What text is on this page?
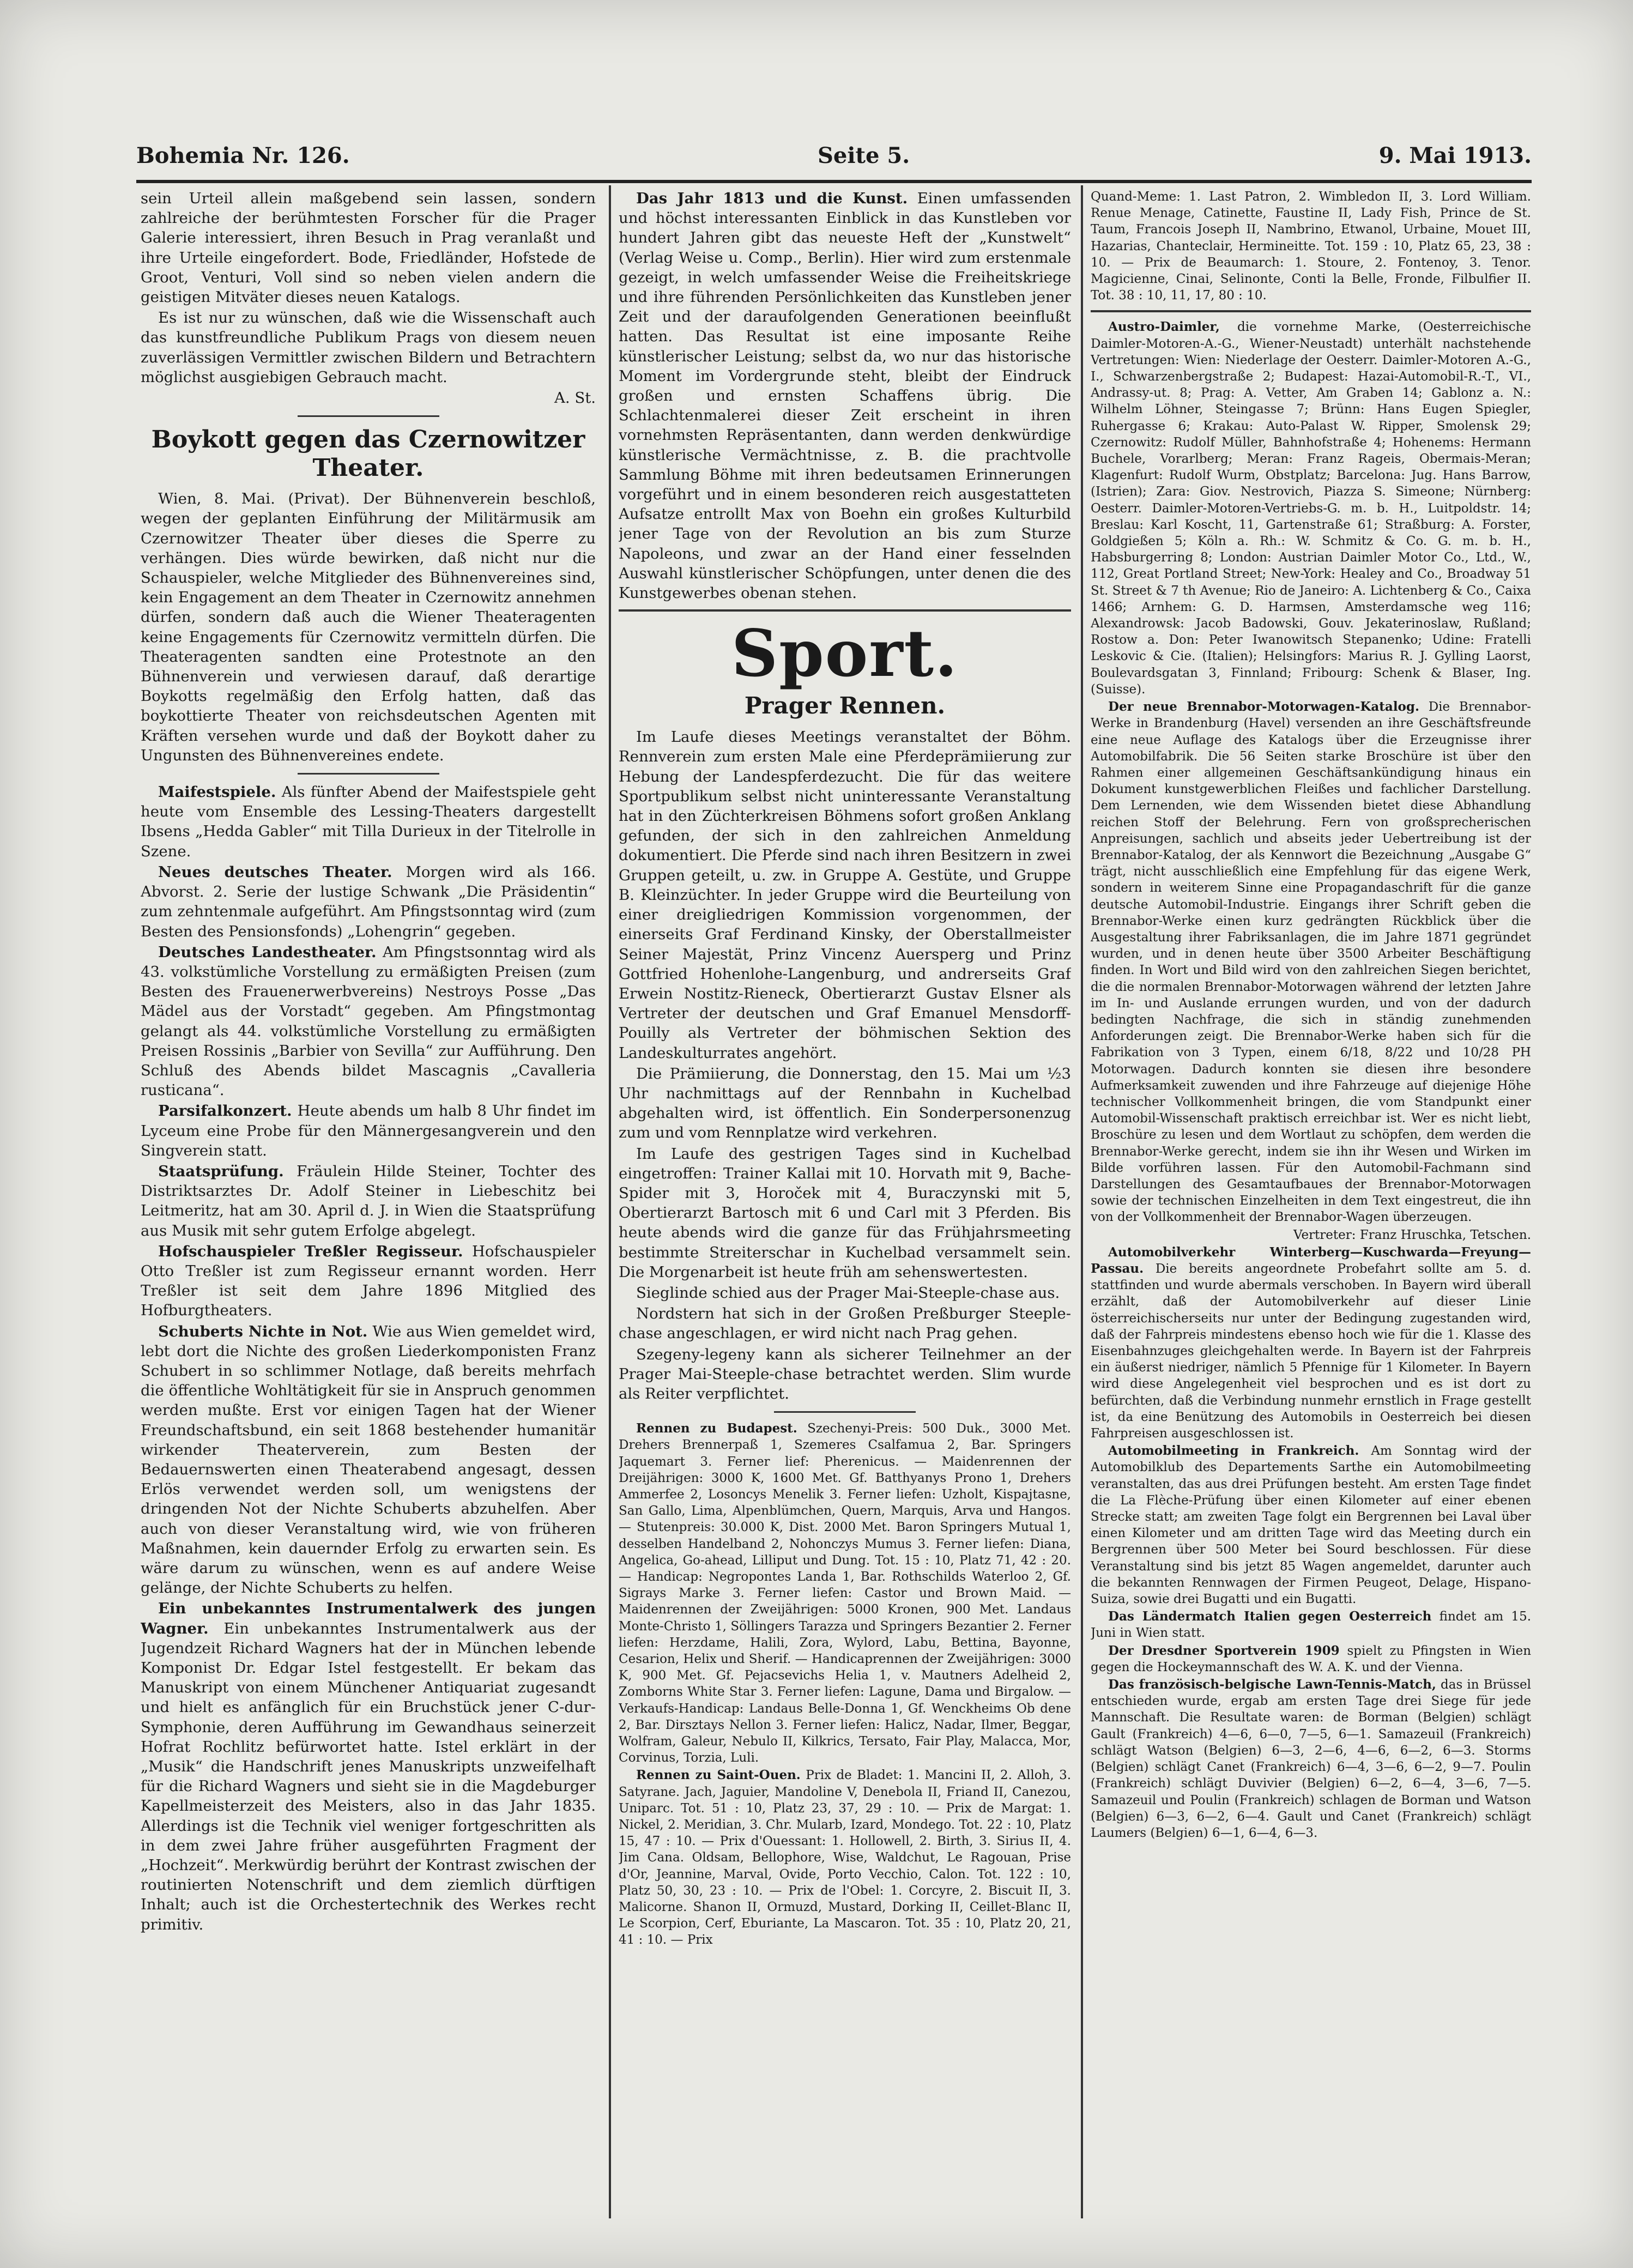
Bohemia Nr. 126.	Seite 5.	9. Mai 1913.

sein Urteil allein maßgebend sein lassen, sondern zahlreiche der berühmtesten Forscher für die Prager Galerie interessiert, ihren Besuch in Prag veranlaßt und ihre Urteile eingefordert. Bode, Friedländer, Hofstede de Groot, Venturi, Voll sind so neben vielen andern die geistigen Mitväter dieses neuen Katalogs.

Es ist nur zu wünschen, daß wie die Wissenschaft auch das kunstfreundliche Publikum Prags von diesem neuen zuverlässigen Vermittler zwischen Bildern und Betrachtern möglichst ausgiebigen Gebrauch macht.

A. St.

Boykott gegen das Czernowitzer Theater.

Wien, 8. Mai. (Privat). Der Bühnenverein beschloß, wegen der geplanten Einführung der Militärmusik am Czernowitzer Theater über dieses die Sperre zu verhängen. Dies würde bewirken, daß nicht nur die Schauspieler, welche Mitglieder des Bühnenvereines sind, kein Engagement an dem Theater in Czernowitz annehmen dürfen, sondern daß auch die Wiener Theateragenten keine Engagements für Czernowitz vermitteln dürfen. Die Theateragenten sandten eine Protestnote an den Bühnenverein und verwiesen darauf, daß derartige Boykotts regelmäßig den Erfolg hatten, daß das boykottierte Theater von reichsdeutschen Agenten mit Kräften versehen wurde und daß der Boykott daher zu Ungunsten des Bühnenvereines endete.

Maifestspiele. Als fünfter Abend der Maifestspiele geht heute vom Ensemble des Lessing-Theaters dargestellt Ibsens „Hedda Gabler“ mit Tilla Durieux in der Titelrolle in Szene.

Neues deutsches Theater. Morgen wird als 166. Abvorst. 2. Serie der lustige Schwank „Die Präsidentin“ zum zehntenmale aufgeführt. Am Pfingstsonntag wird (zum Besten des Pensionsfonds) „Lohengrin“ gegeben.

Deutsches Landestheater. Am Pfingstsonntag wird als 43. volkstümliche Vorstellung zu ermäßigten Preisen (zum Besten des Frauenerwerbvereins) Nestroys Posse „Das Mädel aus der Vorstadt“ gegeben. Am Pfingstmontag gelangt als 44. volkstümliche Vorstellung zu ermäßigten Preisen Rossinis „Barbier von Sevilla“ zur Aufführung. Den Schluß des Abends bildet Mascagnis „Cavalleria rusticana“.

Parsifalkonzert. Heute abends um halb 8 Uhr findet im Lyceum eine Probe für den Männergesangverein und den Singverein statt.

Staatsprüfung. Fräulein Hilde Steiner, Tochter des Distriktsarztes Dr. Adolf Steiner in Liebeschitz bei Leitmeritz, hat am 30. April d. J. in Wien die Staatsprüfung aus Musik mit sehr gutem Erfolge abgelegt.

Hofschauspieler Treßler Regisseur. Hofschauspieler Otto Treßler ist zum Regisseur ernannt worden. Herr Treßler ist seit dem Jahre 1896 Mitglied des Hofburgtheaters.

Schuberts Nichte in Not. Wie aus Wien gemeldet wird, lebt dort die Nichte des großen Liederkomponisten Franz Schubert in so schlimmer Notlage, daß bereits mehrfach die öffentliche Wohltätigkeit für sie in Anspruch genommen werden mußte. Erst vor einigen Tagen hat der Wiener Freundschaftsbund, ein seit 1868 bestehender humanitär wirkender Theaterverein, zum Besten der Bedauernswerten einen Theaterabend angesagt, dessen Erlös verwendet werden soll, um wenigstens der dringenden Not der Nichte Schuberts abzuhelfen. Aber auch von dieser Veranstaltung wird, wie von früheren Maßnahmen, kein dauernder Erfolg zu erwarten sein. Es wäre darum zu wünschen, wenn es auf andere Weise gelänge, der Nichte Schuberts zu helfen.

Ein unbekanntes Instrumentalwerk des jungen Wagner. Ein unbekanntes Instrumentalwerk aus der Jugendzeit Richard Wagners hat der in München lebende Komponist Dr. Edgar Istel festgestellt. Er bekam das Manuskript von einem Münchener Antiquariat zugesandt und hielt es anfänglich für ein Bruchstück jener C-dur-Symphonie, deren Aufführung im Gewandhaus seinerzeit Hofrat Rochlitz befürwortet hatte. Istel erklärt in der „Musik“ die Handschrift jenes Manuskripts unzweifelhaft für die Richard Wagners und sieht sie in die Magdeburger Kapellmeisterzeit des Meisters, also in das Jahr 1835. Allerdings ist die Technik viel weniger fortgeschritten als in dem zwei Jahre früher ausgeführten Fragment der „Hochzeit“. Merkwürdig berührt der Kontrast zwischen der routinierten Notenschrift und dem ziemlich dürftigen Inhalt; auch ist die Orchestertechnik des Werkes recht primitiv.

Das Jahr 1813 und die Kunst. Einen umfassenden und höchst interessanten Einblick in das Kunstleben vor hundert Jahren gibt das neueste Heft der „Kunstwelt“ (Verlag Weise u. Comp., Berlin). Hier wird zum erstenmale gezeigt, in welch umfassender Weise die Freiheitskriege und ihre führenden Persönlichkeiten das Kunstleben jener Zeit und der daraufolgenden Generationen beeinflußt hatten. Das Resultat ist eine imposante Reihe künstlerischer Leistung; selbst da, wo nur das historische Moment im Vordergrunde steht, bleibt der Eindruck großen und ernsten Schaffens übrig. Die Schlachtenmalerei dieser Zeit erscheint in ihren vornehmsten Repräsentanten, dann werden denkwürdige künstlerische Vermächtnisse, z. B. die prachtvolle Sammlung Böhme mit ihren bedeutsamen Erinnerungen vorgeführt und in einem besonderen reich ausgestatteten Aufsatze entrollt Max von Boehn ein großes Kulturbild jener Tage von der Revolution an bis zum Sturze Napoleons, und zwar an der Hand einer fesselnden Auswahl künstlerischer Schöpfungen, unter denen die des Kunstgewerbes obenan stehen.

Sport.
Prager Rennen.

Im Laufe dieses Meetings veranstaltet der Böhm. Rennverein zum ersten Male eine Pferdeprämiierung zur Hebung der Landespferdezucht. Die für das weitere Sportpublikum selbst nicht uninteressante Veranstaltung hat in den Züchterkreisen Böhmens sofort großen Anklang gefunden, der sich in den zahlreichen Anmeldung dokumentiert. Die Pferde sind nach ihren Besitzern in zwei Gruppen geteilt, u. zw. in Gruppe A. Gestüte, und Gruppe B. Kleinzüchter. In jeder Gruppe wird die Beurteilung von einer dreigliedrigen Kommission vorgenommen, der einerseits Graf Ferdinand Kinsky, der Oberstallmeister Seiner Majestät, Prinz Vincenz Auersperg und Prinz Gottfried Hohenlohe-Langenburg, und andrerseits Graf Erwein Nostitz-Rieneck, Obertierarzt Gustav Elsner als Vertreter der deutschen und Graf Emanuel Mensdorff-Pouilly als Vertreter der böhmischen Sektion des Landeskulturrates angehört.

Die Prämiierung, die Donnerstag, den 15. Mai um ½3 Uhr nachmittags auf der Rennbahn in Kuchelbad abgehalten wird, ist öffentlich. Ein Sonderpersonenzug zum und vom Rennplatze wird verkehren.

Im Laufe des gestrigen Tages sind in Kuchelbad eingetroffen: Trainer Kallai mit 10. Horvath mit 9, Bache-Spider mit 3, Horoček mit 4, Buraczynski mit 5, Obertierarzt Bartosch mit 6 und Carl mit 3 Pferden. Bis heute abends wird die ganze für das Frühjahrsmeeting bestimmte Streiterschar in Kuchelbad versammelt sein. Die Morgenarbeit ist heute früh am sehenswertesten.

Sieglinde schied aus der Prager Mai-Steeple-chase aus.

Nordstern hat sich in der Großen Preßburger Steeple-chase angeschlagen, er wird nicht nach Prag gehen.

Szegeny-legeny kann als sicherer Teilnehmer an der Prager Mai-Steeple-chase betrachtet werden. Slim wurde als Reiter verpflichtet.

Rennen zu Budapest. Szechenyi-Preis: 500 Duk., 3000 Met. Drehers Brennerpaß 1, Szemeres Csalfamua 2, Bar. Springers Jaquemart 3. Ferner lief: Pherenicus. — Maidenrennen der Dreijährigen: 3000 K, 1600 Met. Gf. Batthyanys Prono 1, Drehers Ammerfee 2, Losoncys Menelik 3. Ferner liefen: Uzholt, Kispajtasne, San Gallo, Lima, Alpenblümchen, Quern, Marquis, Arva und Hangos. — Stutenpreis: 30.000 K, Dist. 2000 Met. Baron Springers Mutual 1, desselben Handelband 2, Nohonczys Mumus 3. Ferner liefen: Diana, Angelica, Go-ahead, Lilliput und Dung. Tot. 15 : 10, Platz 71, 42 : 20. — Handicap: Negropontes Landa 1, Bar. Rothschilds Waterloo 2, Gf. Sigrays Marke 3. Ferner liefen: Castor und Brown Maid. — Maidenrennen der Zweijährigen: 5000 Kronen, 900 Met. Landaus Monte-Christo 1, Söllingers Tarazza und Springers Bezantier 2. Ferner liefen: Herzdame, Halili, Zora, Wylord, Labu, Bettina, Bayonne, Cesarion, Helix und Sherif. — Handicaprennen der Zweijährigen: 3000 K, 900 Met. Gf. Pejacsevichs Helia 1, v. Mautners Adelheid 2, Zomborns White Star 3. Ferner liefen: Lagune, Dama und Birgalow. — Verkaufs-Handicap: Landaus Belle-Donna 1, Gf. Wenckheims Ob dene 2, Bar. Dirsztays Nellon 3. Ferner liefen: Halicz, Nadar, Ilmer, Beggar, Wolfram, Galeur, Nebulo II, Kilkrics, Tersato, Fair Play, Malacca, Mor, Corvinus, Torzia, Luli.

Rennen zu Saint-Ouen. Prix de Bladet: 1. Mancini II, 2. Alloh, 3. Satyrane. Jach, Jaguier, Mandoline V, Denebola II, Friand II, Canezou, Uniparc. Tot. 51 : 10, Platz 23, 37, 29 : 10. — Prix de Margat: 1. Nickel, 2. Meridian, 3. Chr. Mularb, Izard, Mondego. Tot. 22 : 10, Platz 15, 47 : 10. — Prix d'Ouessant: 1. Hollowell, 2. Birth, 3. Sirius II, 4. Jim Cana. Oldsam, Bellophore, Wise, Waldchut, Le Ragouan, Prise d'Or, Jeannine, Marval, Ovide, Porto Vecchio, Calon. Tot. 122 : 10, Platz 50, 30, 23 : 10. — Prix de l'Obel: 1. Corcyre, 2. Biscuit II, 3. Malicorne. Shanon II, Ormuzd, Mustard, Dorking II, Ceillet-Blanc II, Le Scorpion, Cerf, Eburiante, La Mascaron. Tot. 35 : 10, Platz 20, 21, 41 : 10. — Prix

Quand-Meme: 1. Last Patron, 2. Wimbledon II, 3. Lord William. Renue Menage, Catinette, Faustine II, Lady Fish, Prince de St. Taum, Francois Joseph II, Nambrino, Etwanol, Urbaine, Mouet III, Hazarias, Chanteclair, Hermineitte. Tot. 159 : 10, Platz 65, 23, 38 : 10. — Prix de Beaumarch: 1. Stoure, 2. Fontenoy, 3. Tenor. Magicienne, Cinai, Selinonte, Conti la Belle, Fronde, Filbulfier II. Tot. 38 : 10, 11, 17, 80 : 10.

Austro-Daimler, die vornehme Marke, (Oesterreichische Daimler-Motoren-A.-G., Wiener-Neustadt) unterhält nachstehende Vertretungen: Wien: Niederlage der Oesterr. Daimler-Motoren A.-G., I., Schwarzenbergstraße 2; Budapest: Hazai-Automobil-R.-T., VI., Andrassy-ut. 8; Prag: A. Vetter, Am Graben 14; Gablonz a. N.: Wilhelm Löhner, Steingasse 7; Brünn: Hans Eugen Spiegler, Ruhergasse 6; Krakau: Auto-Palast W. Ripper, Smolensk 29; Czernowitz: Rudolf Müller, Bahnhofstraße 4; Hohenems: Hermann Buchele, Vorarlberg; Meran: Franz Rageis, Obermais-Meran; Klagenfurt: Rudolf Wurm, Obstplatz; Barcelona: Jug. Hans Barrow, (Istrien); Zara: Giov. Nestrovich, Piazza S. Simeone; Nürnberg: Oesterr. Daimler-Motoren-Vertriebs-G. m. b. H., Luitpoldstr. 14; Breslau: Karl Koscht, 11, Gartenstraße 61; Straßburg: A. Forster, Goldgießen 5; Köln a. Rh.: W. Schmitz & Co. G. m. b. H., Habsburgerring 8; London: Austrian Daimler Motor Co., Ltd., W., 112, Great Portland Street; New-York: Healey and Co., Broadway 51 St. Street & 7 th Avenue; Rio de Janeiro: A. Lichtenberg & Co., Caixa 1466; Arnhem: G. D. Harmsen, Amsterdamsche weg 116; Alexandrowsk: Jacob Badowski, Gouv. Jekaterinoslaw, Rußland; Rostow a. Don: Peter Iwanowitsch Stepanenko; Udine: Fratelli Leskovic & Cie. (Italien); Helsingfors: Marius R. J. Gylling Laorst, Boulevardsgatan 3, Finnland; Fribourg: Schenk & Blaser, Ing. (Suisse).

Der neue Brennabor-Motorwagen-Katalog. Die Brennabor-Werke in Brandenburg (Havel) versenden an ihre Geschäftsfreunde eine neue Auflage des Katalogs über die Erzeugnisse ihrer Automobilfabrik. Die 56 Seiten starke Broschüre ist über den Rahmen einer allgemeinen Geschäftsankündigung hinaus ein Dokument kunstgewerblichen Fleißes und fachlicher Darstellung. Dem Lernenden, wie dem Wissenden bietet diese Abhandlung reichen Stoff der Belehrung. Fern von großsprecherischen Anpreisungen, sachlich und abseits jeder Uebertreibung ist der Brennabor-Katalog, der als Kennwort die Bezeichnung „Ausgabe G“ trägt, nicht ausschließlich eine Empfehlung für das eigene Werk, sondern in weiterem Sinne eine Propagandaschrift für die ganze deutsche Automobil-Industrie. Eingangs ihrer Schrift geben die Brennabor-Werke einen kurz gedrängten Rückblick über die Ausgestaltung ihrer Fabriksanlagen, die im Jahre 1871 gegründet wurden, und in denen heute über 3500 Arbeiter Beschäftigung finden. In Wort und Bild wird von den zahlreichen Siegen berichtet, die die normalen Brennabor-Motorwagen während der letzten Jahre im In- und Auslande errungen wurden, und von der dadurch bedingten Nachfrage, die sich in ständig zunehmenden Anforderungen zeigt. Die Brennabor-Werke haben sich für die Fabrikation von 3 Typen, einem 6/18, 8/22 und 10/28 PH Motorwagen. Dadurch konnten sie diesen ihre besondere Aufmerksamkeit zuwenden und ihre Fahrzeuge auf diejenige Höhe technischer Vollkommenheit bringen, die vom Standpunkt einer Automobil-Wissenschaft praktisch erreichbar ist. Wer es nicht liebt, Broschüre zu lesen und dem Wortlaut zu schöpfen, dem werden die Brennabor-Werke gerecht, indem sie ihn ihr Wesen und Wirken im Bilde vorführen lassen. Für den Automobil-Fachmann sind Darstellungen des Gesamtaufbaues der Brennabor-Motorwagen sowie der technischen Einzelheiten in dem Text eingestreut, die ihn von der Vollkommenheit der Brennabor-Wagen überzeugen.

Vertreter: Franz Hruschka, Tetschen.

Automobilverkehr Winterberg—Kuschwarda—Freyung—Passau. Die bereits angeordnete Probefahrt sollte am 5. d. stattfinden und wurde abermals verschoben. In Bayern wird überall erzählt, daß der Automobilverkehr auf dieser Linie österreichischerseits nur unter der Bedingung zugestanden wird, daß der Fahrpreis mindestens ebenso hoch wie für die 1. Klasse des Eisenbahnzuges gleichgehalten werde. In Bayern ist der Fahrpreis ein äußerst niedriger, nämlich 5 Pfennige für 1 Kilometer. In Bayern wird diese Angelegenheit viel besprochen und es ist dort zu befürchten, daß die Verbindung nunmehr ernstlich in Frage gestellt ist, da eine Benützung des Automobils in Oesterreich bei diesen Fahrpreisen ausgeschlossen ist.

Automobilmeeting in Frankreich. Am Sonntag wird der Automobilklub des Departements Sarthe ein Automobilmeeting veranstalten, das aus drei Prüfungen besteht. Am ersten Tage findet die La Flèche-Prüfung über einen Kilometer auf einer ebenen Strecke statt; am zweiten Tage folgt ein Bergrennen bei Laval über einen Kilometer und am dritten Tage wird das Meeting durch ein Bergrennen über 500 Meter bei Sourd beschlossen. Für diese Veranstaltung sind bis jetzt 85 Wagen angemeldet, darunter auch die bekannten Rennwagen der Firmen Peugeot, Delage, Hispano-Suiza, sowie drei Bugatti und ein Bugatti.

Das Ländermatch Italien gegen Oesterreich findet am 15. Juni in Wien statt.

Der Dresdner Sportverein 1909 spielt zu Pfingsten in Wien gegen die Hockeymannschaft des W. A. K. und der Vienna.

Das französisch-belgische Lawn-Tennis-Match, das in Brüssel entschieden wurde, ergab am ersten Tage drei Siege für jede Mannschaft. Die Resultate waren: de Borman (Belgien) schlägt Gault (Frankreich) 4—6, 6—0, 7—5, 6—1. Samazeuil (Frankreich) schlägt Watson (Belgien) 6—3, 2—6, 4—6, 6—2, 6—3. Storms (Belgien) schlägt Canet (Frankreich) 6—4, 3—6, 6—2, 9—7. Poulin (Frankreich) schlägt Duvivier (Belgien) 6—2, 6—4, 3—6, 7—5. Samazeuil und Poulin (Frankreich) schlagen de Borman und Watson (Belgien) 6—3, 6—2, 6—4. Gault und Canet (Frankreich) schlägt Laumers (Belgien) 6—1, 6—4, 6—3.
